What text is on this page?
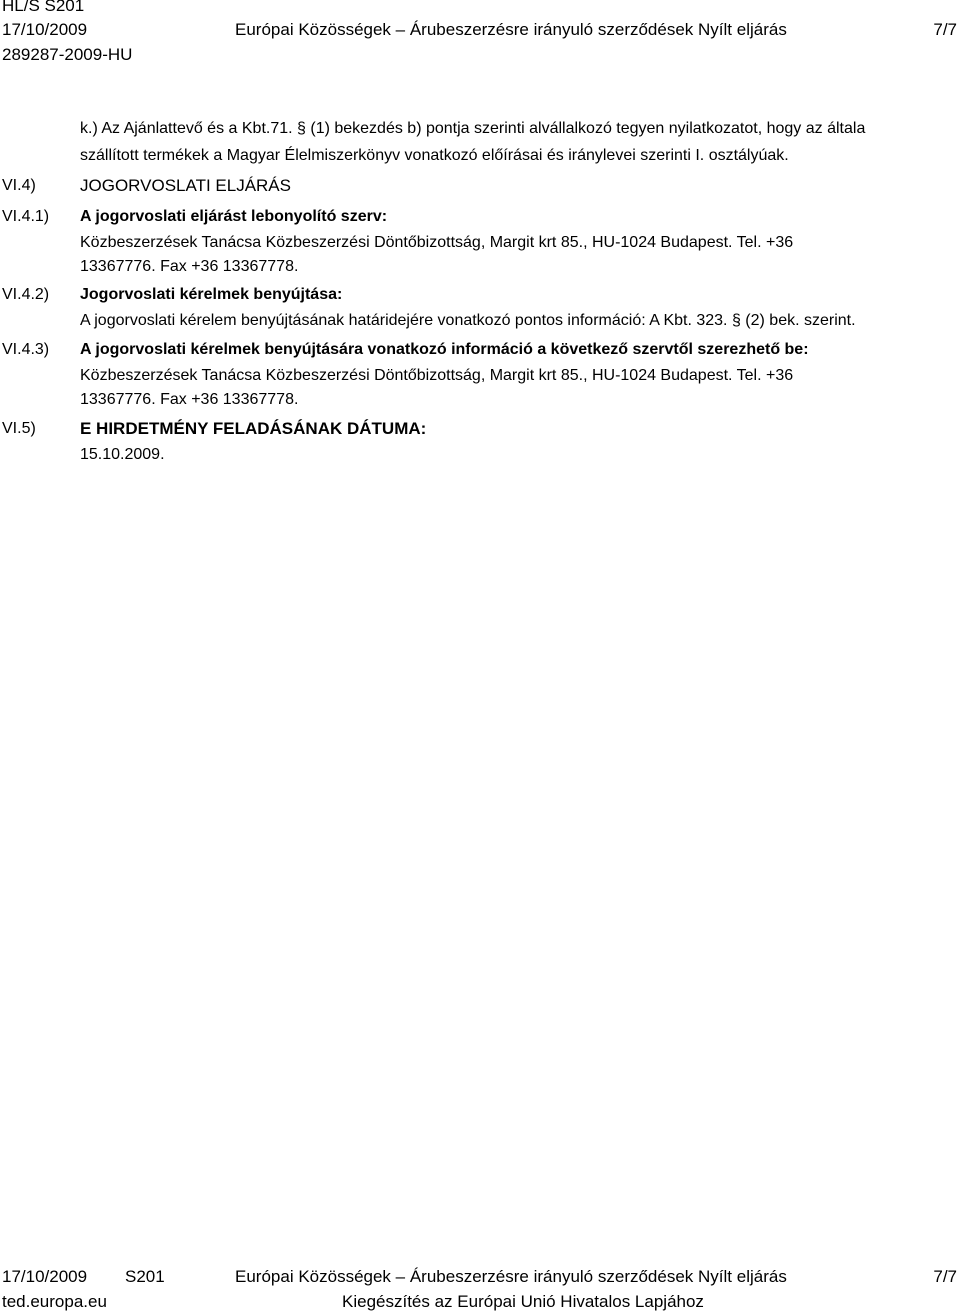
HL/S S201
17/10/2009	Európai Közösségek – Árubeszerzésre irányuló szerződések Nyílt eljárás	7/7
289287-2009-HU
k.) Az Ajánlattevő és a Kbt.71. § (1) bekezdés b) pontja szerinti alvállalkozó tegyen nyilatkozatot, hogy az általa
szállított termékek a Magyar Élelmiszerkönyv vonatkozó előírásai és iránylevei szerinti I. osztályúak.
VI.4)	JOGORVOSLATI ELJÁRÁS
VI.4.1) A jogorvoslati eljárást lebonyolító szerv:
Közbeszerzések Tanácsa Közbeszerzési Döntőbizottság, Margit krt 85., HU-1024 Budapest. Tel. +36
13367776. Fax +36 13367778.
VI.4.2) Jogorvoslati kérelmek benyújtása:
A jogorvoslati kérelem benyújtásának határidejére vonatkozó pontos információ: A Kbt. 323. § (2) bek. szerint.
VI.4.3) A jogorvoslati kérelmek benyújtására vonatkozó információ a következő szervtől szerezhető be:
Közbeszerzések Tanácsa Közbeszerzési Döntőbizottság, Margit krt 85., HU-1024 Budapest. Tel. +36
13367776. Fax +36 13367778.
VI.5)	E HIRDETMÉNY FELADÁSÁNAK DÁTUMA:
15.10.2009.
17/10/2009 S201	Európai Közösségek – Árubeszerzésre irányuló szerződések Nyílt eljárás	7/7
ted.europa.eu	Kiegészítés az Európai Unió Hivatalos Lapjához
